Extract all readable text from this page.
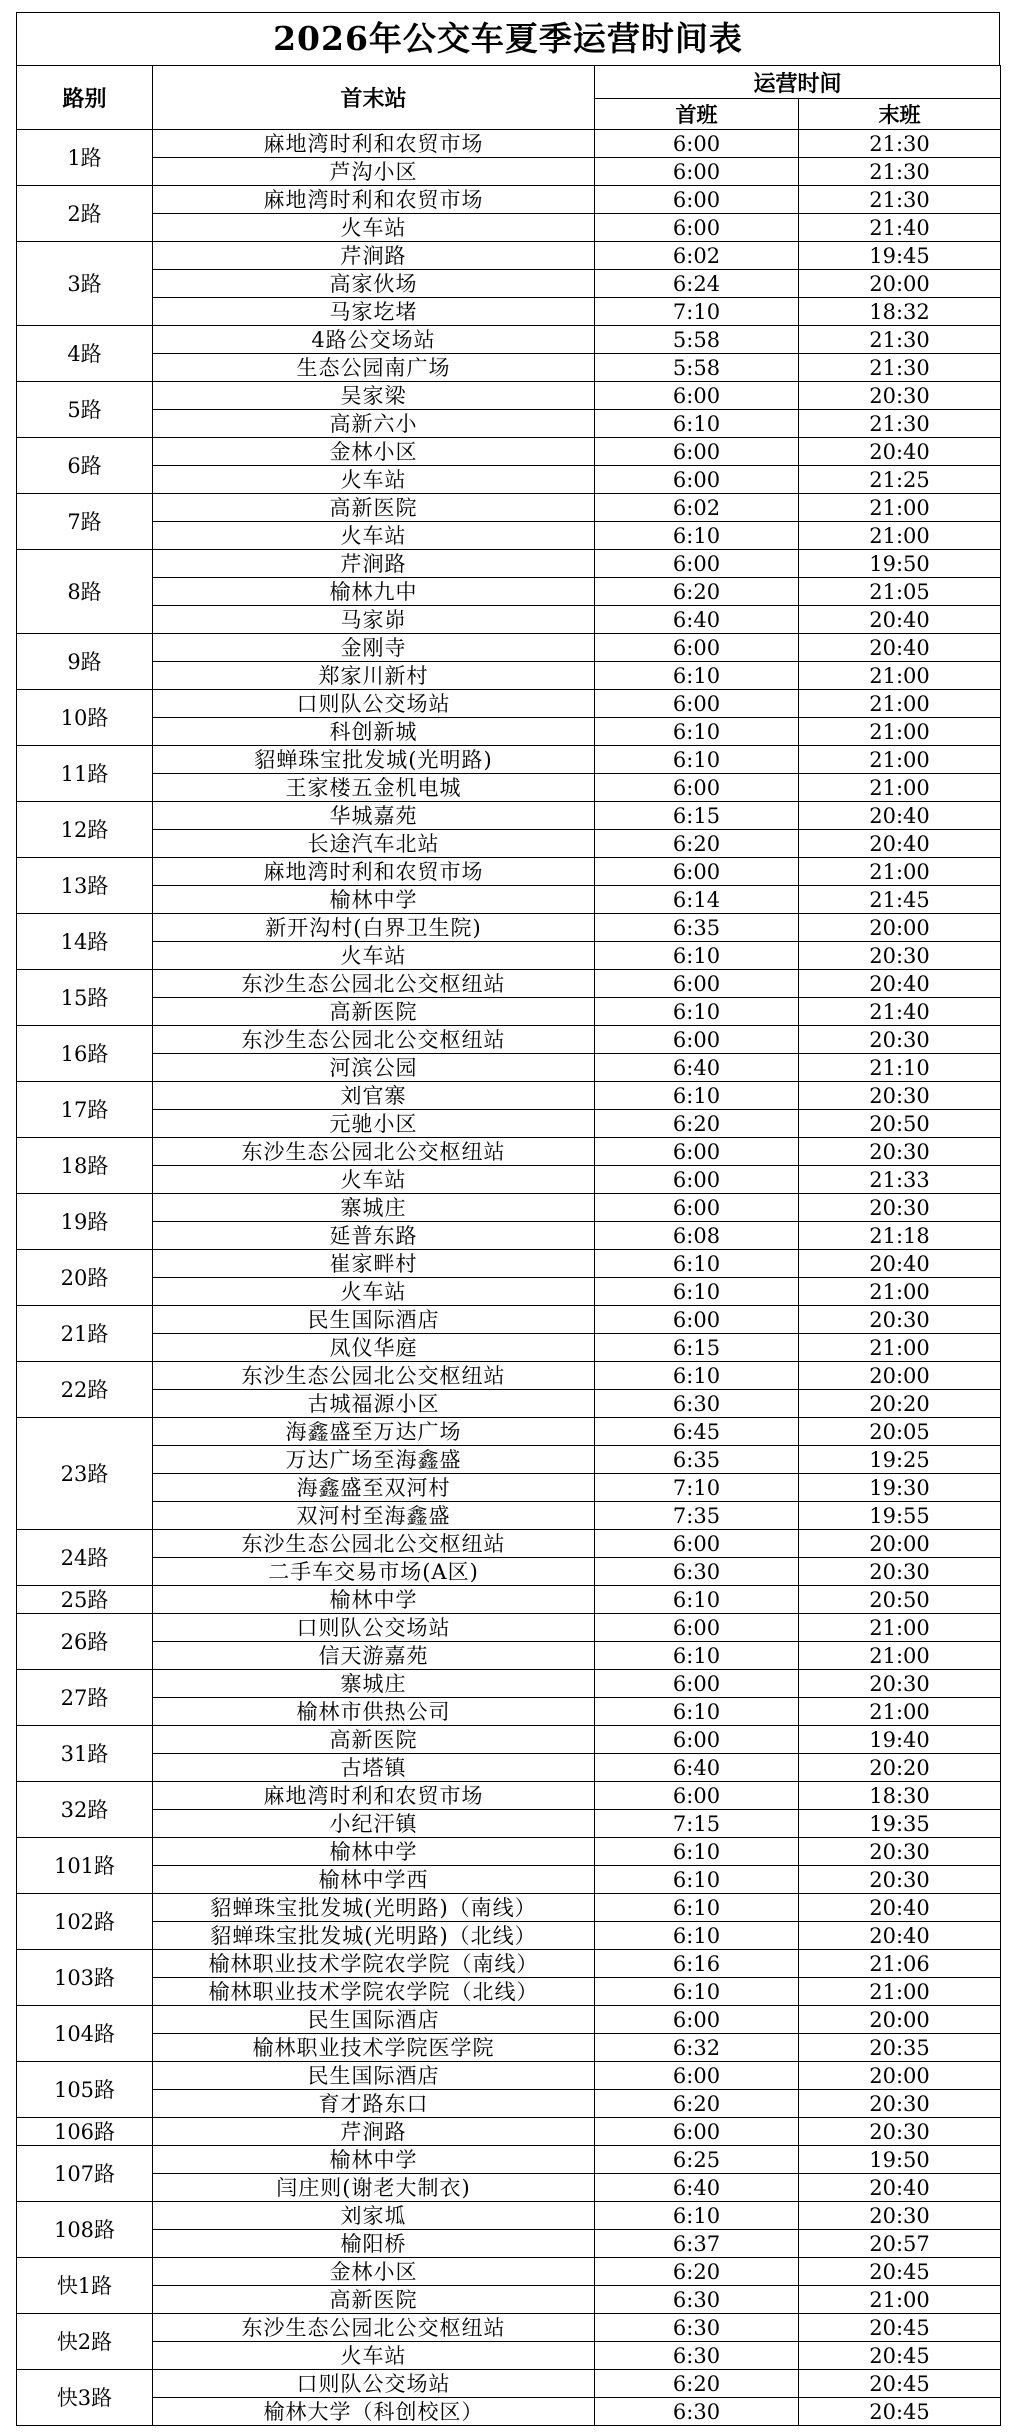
2026年公交车夏季运营时间表
路别	首末站	运营时间	
		首班	末班
1路	麻地湾时利和农贸市场	6:00	21:30
	芦沟小区	6:00	21:30
2路	麻地湾时利和农贸市场	6:00	21:30
	火车站	6:00	21:40
3路	芹涧路	6:02	19:45
	高家伙场	6:24	20:00
	马家圪堵	7:10	18:32
4路	4路公交场站	5:58	21:30
	生态公园南广场	5:58	21:30
5路	吴家梁	6:00	20:30
	高新六小	6:10	21:30
6路	金林小区	6:00	20:40
	火车站	6:00	21:25
7路	高新医院	6:02	21:00
	火车站	6:10	21:00
8路	芹涧路	6:00	19:50
	榆林九中	6:20	21:05
	马家峁	6:40	20:40
9路	金刚寺	6:00	20:40
	郑家川新村	6:10	21:00
10路	口则队公交场站	6:00	21:00
	科创新城	6:10	21:00
11路	貂蝉珠宝批发城(光明路)	6:10	21:00
	王家楼五金机电城	6:00	21:00
12路	华城嘉苑	6:15	20:40
	长途汽车北站	6:20	20:40
13路	麻地湾时利和农贸市场	6:00	21:00
	榆林中学	6:14	21:45
14路	新开沟村(白界卫生院)	6:35	20:00
	火车站	6:10	20:30
15路	东沙生态公园北公交枢纽站	6:00	20:40
	高新医院	6:10	21:40
16路	东沙生态公园北公交枢纽站	6:00	20:30
	河滨公园	6:40	21:10
17路	刘官寨	6:10	20:30
	元驰小区	6:20	20:50
18路	东沙生态公园北公交枢纽站	6:00	20:30
	火车站	6:00	21:33
19路	寨城庄	6:00	20:30
	延普东路	6:08	21:18
20路	崔家畔村	6:10	20:40
	火车站	6:10	21:00
21路	民生国际酒店	6:00	20:30
	凤仪华庭	6:15	21:00
22路	东沙生态公园北公交枢纽站	6:10	20:00
	古城福源小区	6:30	20:20
23路	海鑫盛至万达广场	6:45	20:05
	万达广场至海鑫盛	6:35	19:25
	海鑫盛至双河村	7:10	19:30
	双河村至海鑫盛	7:35	19:55
24路	东沙生态公园北公交枢纽站	6:00	20:00
	二手车交易市场(A区)	6:30	20:30
25路	榆林中学	6:10	20:50
26路	口则队公交场站	6:00	21:00
	信天游嘉苑	6:10	21:00
27路	寨城庄	6:00	20:30
	榆林市供热公司	6:10	21:00
31路	高新医院	6:00	19:40
	古塔镇	6:40	20:20
32路	麻地湾时利和农贸市场	6:00	18:30
	小纪汗镇	7:15	19:35
101路	榆林中学	6:10	20:30
	榆林中学西	6:10	20:30
102路	貂蝉珠宝批发城(光明路)（南线）	6:10	20:40
	貂蝉珠宝批发城(光明路)（北线）	6:10	20:40
103路	榆林职业技术学院农学院（南线）	6:16	21:06
	榆林职业技术学院农学院（北线）	6:10	21:00
104路	民生国际酒店	6:00	20:00
	榆林职业技术学院医学院	6:32	20:35
105路	民生国际酒店	6:00	20:00
	育才路东口	6:20	20:30
106路	芹涧路	6:00	20:30
107路	榆林中学	6:25	19:50
	闫庄则(谢老大制衣)	6:40	20:40
108路	刘家坬	6:10	20:30
	榆阳桥	6:37	20:57
快1路	金林小区	6:20	20:45
	高新医院	6:30	21:00
快2路	东沙生态公园北公交枢纽站	6:30	20:45
	火车站	6:30	20:45
快3路	口则队公交场站	6:20	20:45
	榆林大学（科创校区）	6:30	20:45
